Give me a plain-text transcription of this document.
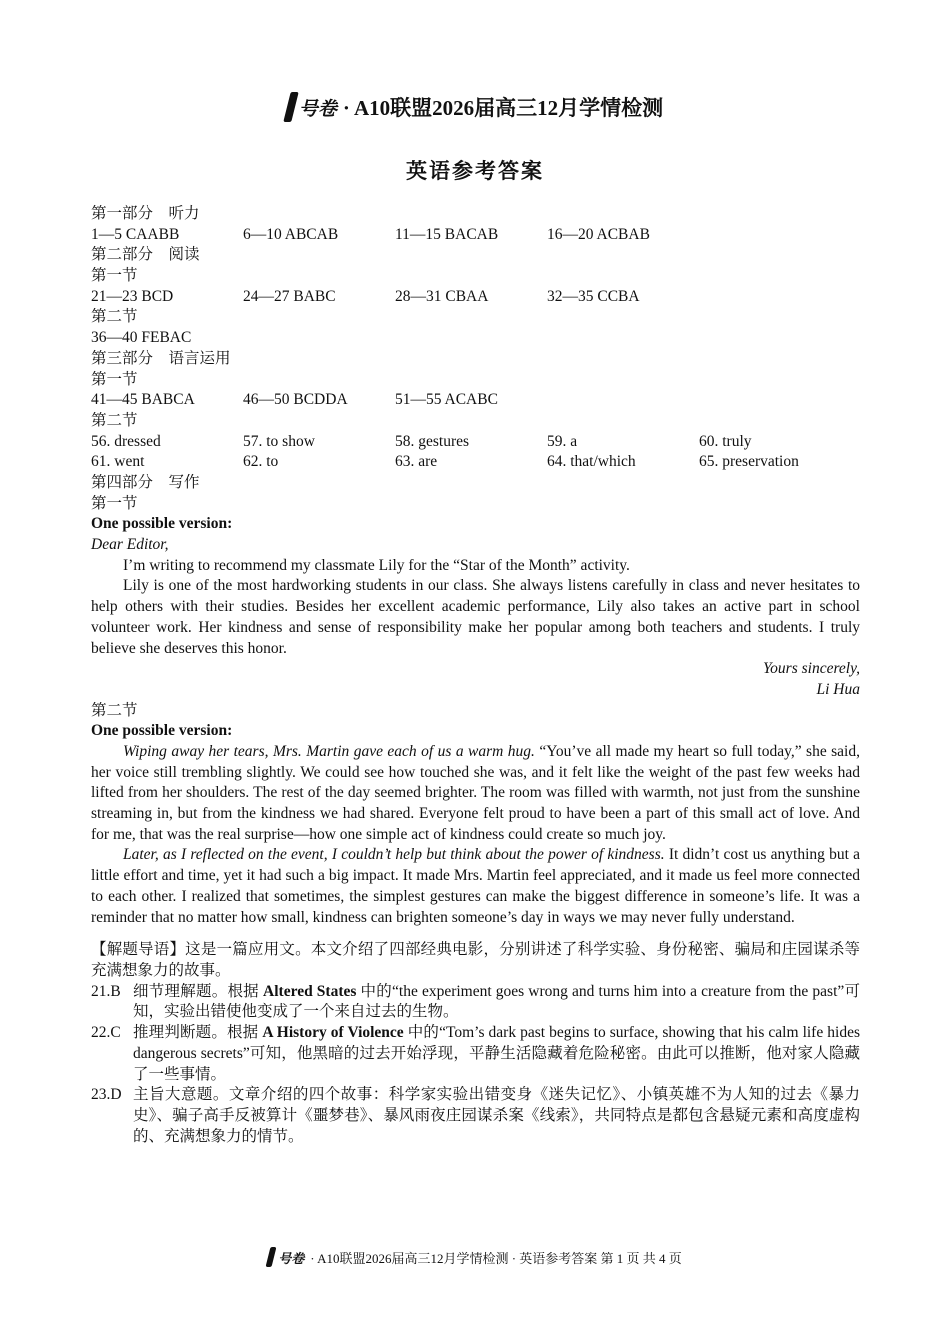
号卷 · A10联盟2026届高三12月学情检测
英语参考答案
第一部分　听力
1—5 CAABB	6—10 ABCAB	11—15 BACAB	16—20 ACBAB
第二部分　阅读
第一节
21—23 BCD	24—27 BABC	28—31 CBAA	32—35 CCBA
第二节
36—40 FEBAC
第三部分　语言运用
第一节
41—45 BABCA	46—50 BCDDA	51—55 ACABC
第二节
56. dressed	57. to show	58. gestures	59. a	60. truly
61. went	62. to	63. are	64. that/which	65. preservation
第四部分　写作
第一节
One possible version:
Dear Editor,
I’m writing to recommend my classmate Lily for the “Star of the Month” activity.
Lily is one of the most hardworking students in our class. She always listens carefully in class and never hesitates to help others with their studies. Besides her excellent academic performance, Lily also takes an active part in school volunteer work. Her kindness and sense of responsibility make her popular among both teachers and students. I truly believe she deserves this honor.
Yours sincerely,
Li Hua
第二节
One possible version:
Wiping away her tears, Mrs. Martin gave each of us a warm hug. “You’ve all made my heart so full today,” she said, her voice still trembling slightly. We could see how touched she was, and it felt like the weight of the past few weeks had lifted from her shoulders. The rest of the day seemed brighter. The room was filled with warmth, not just from the sunshine streaming in, but from the kindness we had shared. Everyone felt proud to have been a part of this small act of love. And for me, that was the real surprise—how one simple act of kindness could create so much joy.
Later, as I reflected on the event, I couldn’t help but think about the power of kindness. It didn’t cost us anything but a little effort and time, yet it had such a big impact. It made Mrs. Martin feel appreciated, and it made us feel more connected to each other. I realized that sometimes, the simplest gestures can make the biggest difference in someone’s life. It was a reminder that no matter how small, kindness can brighten someone’s day in ways we may never fully understand.
【解题导语】这是一篇应用文。本文介绍了四部经典电影，分别讲述了科学实验、身份秘密、骗局和庄园谋杀等充满想象力的故事。
21.B 细节理解题。根据 Altered States 中的“the experiment goes wrong and turns him into a creature from the past”可知，实验出错使他变成了一个来自过去的生物。
22.C 推理判断题。根据 A History of Violence 中的“Tom’s dark past begins to surface, showing that his calm life hides dangerous secrets”可知，他黑暗的过去开始浮现，平静生活隐藏着危险秘密。由此可以推断，他对家人隐藏了一些事情。
23.D 主旨大意题。文章介绍的四个故事：科学家实验出错变身《迷失记忆》、小镇英雄不为人知的过去《暴力史》、骗子高手反被算计《噩梦巷》、暴风雨夜庄园谋杀案《线索》，共同特点是都包含悬疑元素和高度虚构的、充满想象力的情节。
号卷 · A10联盟2026届高三12月学情检测 · 英语参考答案 第 1 页 共 4 页
